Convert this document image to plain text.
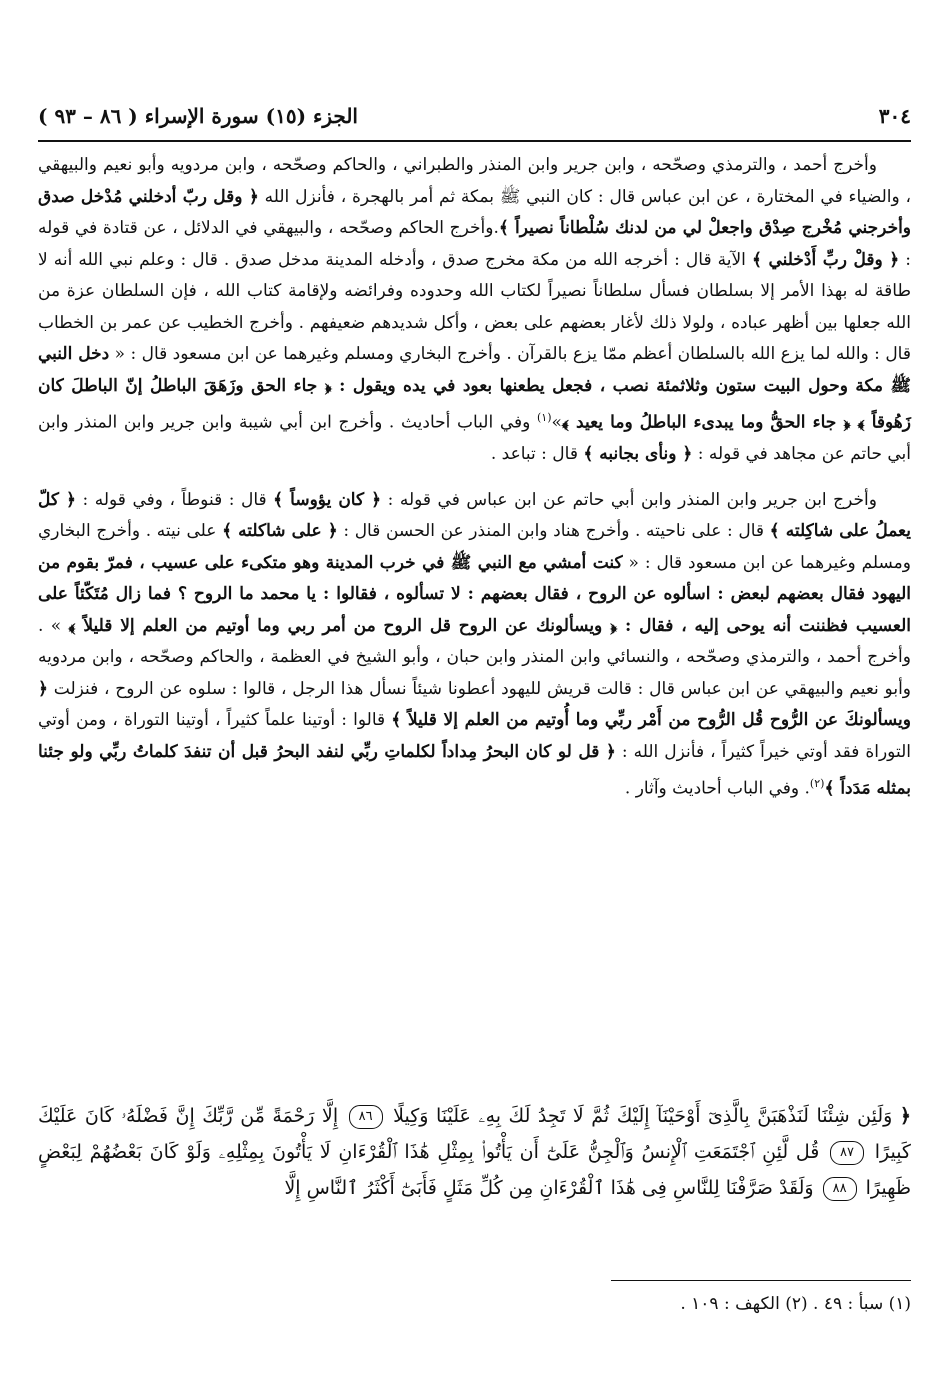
٣٠٤
الجزء (١٥) سورة الإسراء ( ٨٦ – ٩٣ )

وأخرج أحمد ، والترمذي وصحّحه ، وابن جرير وابن المنذر والطبراني ، والحاكم وصحّحه ، وابن مردويه وأبو نعيم والبيهقي ، والضياء في المختارة ، عن ابن عباس قال : كان النبي ﷺ بمكة ثم أمر بالهجرة ، فأنزل الله ﴿ وقل ربّ أدخلني مُدْخل صدق وأخرجني مُخْرج صِدْق واجعلْ لي من لدنك سُلْطاناً نصيراً ﴾.وأخرج الحاكم وصحّحه ، والبيهقي في الدلائل ، عن قتادة في قوله : ﴿ وقلْ ربِّ أَدْخلني ﴾ الآية قال : أخرجه الله من مكة مخرج صدق ، وأدخله المدينة مدخل صدق . قال : وعلم نبي الله أنه لا طاقة له بهذا الأمر إلا بسلطان فسأل سلطاناً نصيراً لكتاب الله وحدوده وفرائضه ولإقامة كتاب الله ، فإن السلطان عزة من الله جعلها بين أظهر عباده ، ولولا ذلك لأغار بعضهم على بعض ، وأكل شديدهم ضعيفهم . وأخرج الخطيب عن عمر بن الخطاب قال : والله لما يزع الله بالسلطان أعظم ممّا يزع بالقرآن . وأخرج البخاري ومسلم وغيرهما عن ابن مسعود قال : « دخل النبي ﷺ مكة وحول البيت ستون وثلاثمئة نصب ، فجعل يطعنها بعود في يده ويقول : ﴿ جاء الحق وزَهَقَ الباطلُ إنّ الباطلَ كان زَهُوقاً ﴾ ﴿ جاء الحقُّ وما يبدىء الباطلُ وما يعيد ﴾»$^{(١)}$ وفي الباب أحاديث . وأخرج ابن أبي شيبة وابن جرير وابن المنذر وابن أبي حاتم عن مجاهد في قوله : ﴿ ونأى بجانبه ﴾ قال : تباعد .

وأخرج ابن جرير وابن المنذر وابن أبي حاتم عن ابن عباس في قوله : ﴿ كان يؤوساً ﴾ قال : قنوطاً ، وفي قوله : ﴿ كلّ يعملُ على شاكِلته ﴾ قال : على ناحيته . وأخرج هناد وابن المنذر عن الحسن قال : ﴿ على شاكلته ﴾ على نيته . وأخرج البخاري ومسلم وغيرهما عن ابن مسعود قال : « كنت أمشي مع النبي ﷺ في خرب المدينة وهو متكىء على عسيب ، فمرّ بقوم من اليهود فقال بعضهم لبعض : اسألوه عن الروح ، فقال بعضهم : لا تسألوه ، فقالوا : يا محمد ما الروح ؟ فما زال مُتَكّئاً على العسيب فظننت أنه يوحى إليه ، فقال : ﴿ ويسألونك عن الروح قل الروح من أمر ربي وما أوتيم من العلم إلا قليلاً ﴾ » . وأخرج أحمد ، والترمذي وصحّحه ، والنسائي وابن المنذر وابن حبان ، وأبو الشيخ في العظمة ، والحاكم وصحّحه ، وابن مردويه وأبو نعيم والبيهقي عن ابن عباس قال : قالت قريش لليهود أعطونا شيئاً نسأل هذا الرجل ، قالوا : سلوه عن الروح ، فنزلت ﴿ ويسألونكَ عن الرُّوح قُل الرُّوح من أَمْر ربِّي وما أُوتيم من العلم إلا قليلاً ﴾ قالوا : أوتينا علماً كثيراً ، أوتينا التوراة ، ومن أوتي التوراة فقد أوتي خيراً كثيراً ، فأنزل الله : ﴿ قل لو كان البحرُ مِداداً لكلماتِ ربِّي لنفد البحرُ قبل أن تنفدَ كلماتُ ربِّي ولو جئنا بمثله مَدَداً ﴾$^{(٢)}$. وفي الباب أحاديث وآثار .

﴿ وَلَئِن شِئْنَا لَنَذْهَبَنَّ بِالَّذِىٓ أَوْحَيْنَآ إِلَيْكَ ثُمَّ لَا تَجِدُ لَكَ بِهِۦ عَلَيْنَا وَكِيلًا ٨٦ إِلَّا رَحْمَةً مِّن رَّبِّكَ إِنَّ فَضْلَهُۥ كَانَ عَلَيْكَ كَبِيرًا ٨٧ قُل لَّئِنِ ٱجْتَمَعَتِ ٱلْإِنسُ وَٱلْجِنُّ عَلَىٰٓ أَن يَأْتُوا۟ بِمِثْلِ هَٰذَا ٱلْقُرْءَانِ لَا يَأْتُونَ بِمِثْلِهِۦ وَلَوْ كَانَ بَعْضُهُمْ لِبَعْضٍ ظَهِيرًا ٨٨ وَلَقَدْ صَرَّفْنَا لِلنَّاسِ فِى هَٰذَا ٱلْقُرْءَانِ مِن كُلِّ مَثَلٍ فَأَبَىٰٓ أَكْثَرُ ٱلنَّاسِ إِلَّا
(١) سبأ : ٤٩ . (٢) الكهف : ١٠٩ .
